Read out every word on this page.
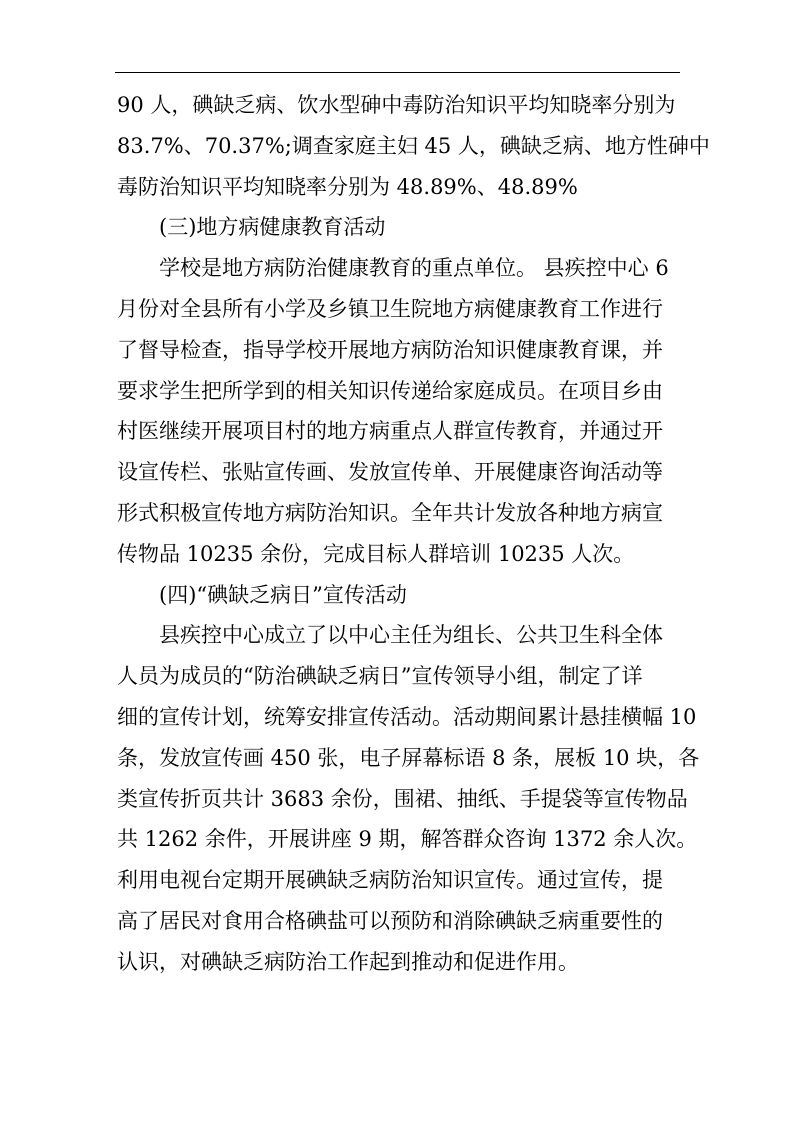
90 人，碘缺乏病、饮水型砷中毒防治知识平均知晓率分别为
83.7%、70.37%;调查家庭主妇 45 人，碘缺乏病、地方性砷中
毒防治知识平均知晓率分别为 48.89%、48.89%
(三)地方病健康教育活动
学校是地方病防治健康教育的重点单位。 县疾控中心 6
月份对全县所有小学及乡镇卫生院地方病健康教育工作进行
了督导检查，指导学校开展地方病防治知识健康教育课，并
要求学生把所学到的相关知识传递给家庭成员。在项目乡由
村医继续开展项目村的地方病重点人群宣传教育，并通过开
设宣传栏、张贴宣传画、发放宣传单、开展健康咨询活动等
形式积极宣传地方病防治知识。全年共计发放各种地方病宣
传物品 10235 余份，完成目标人群培训 10235 人次。
(四)“碘缺乏病日”宣传活动
县疾控中心成立了以中心主任为组长、公共卫生科全体
人员为成员的“防治碘缺乏病日”宣传领导小组，制定了详
细的宣传计划，统筹安排宣传活动。活动期间累计悬挂横幅 10
条，发放宣传画 450 张，电子屏幕标语 8 条，展板 10 块，各
类宣传折页共计 3683 余份，围裙、抽纸、手提袋等宣传物品
共 1262 余件，开展讲座 9 期，解答群众咨询 1372 余人次。
利用电视台定期开展碘缺乏病防治知识宣传。通过宣传，提
高了居民对食用合格碘盐可以预防和消除碘缺乏病重要性的
认识，对碘缺乏病防治工作起到推动和促进作用。
